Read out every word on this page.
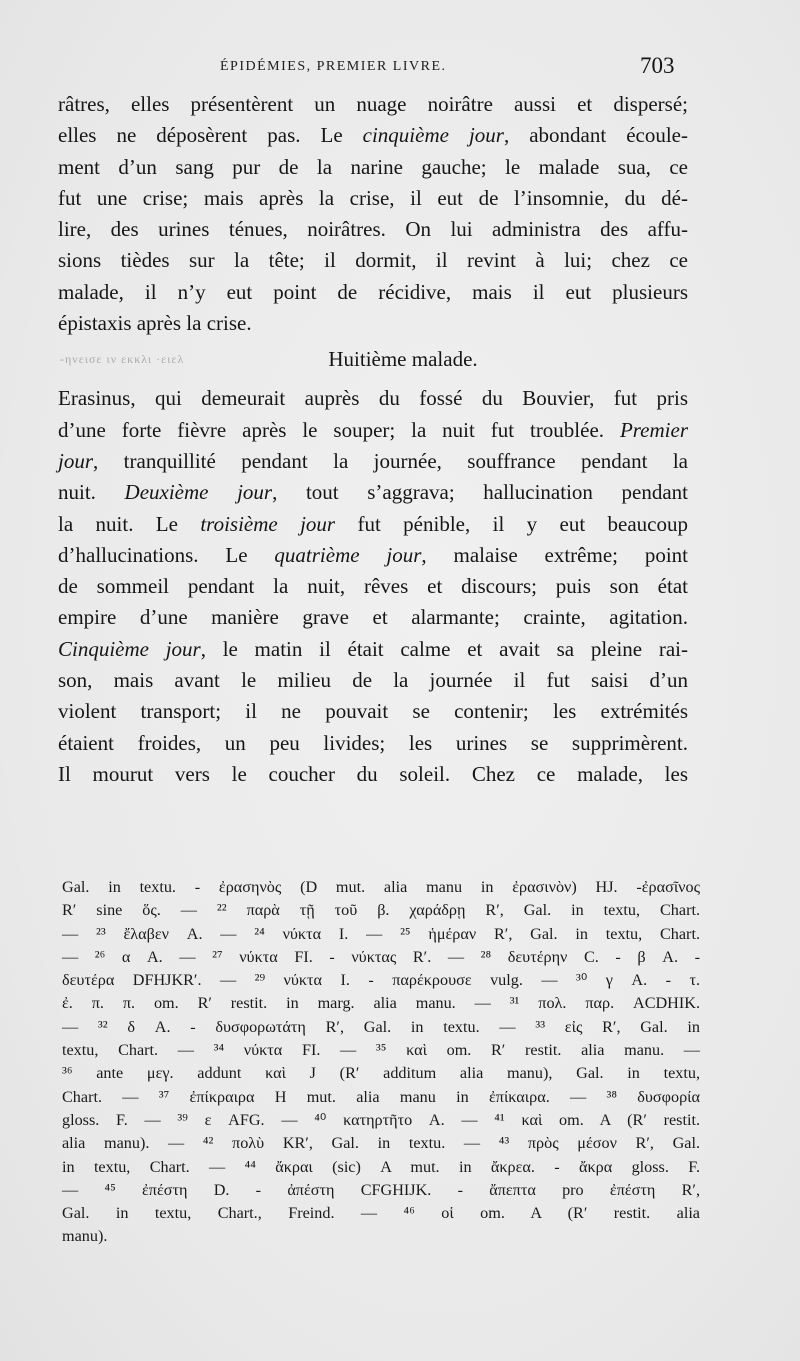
ÉPIDÉMIES, PREMIER LIVRE.	703
-ηνεισε ιν εκκλι ·ειελ
râtres, elles présentèrent un nuage noirâtre aussi et dispersé;
elles ne déposèrent pas. Le cinquième jour, abondant écoule-
ment d’un sang pur de la narine gauche; le malade sua, ce
fut une crise; mais après la crise, il eut de l’insomnie, du dé-
lire, des urines ténues, noirâtres. On lui administra des affu-
sions tièdes sur la tête; il dormit, il revint à lui; chez ce
malade, il n’y eut point de récidive, mais il eut plusieurs
épistaxis après la crise.
Huitième malade.
Erasinus, qui demeurait auprès du fossé du Bouvier, fut pris
d’une forte fièvre après le souper; la nuit fut troublée. Premier
jour, tranquillité pendant la journée, souffrance pendant la
nuit. Deuxième jour, tout s’aggrava; hallucination pendant
la nuit. Le troisième jour fut pénible, il y eut beaucoup
d’hallucinations. Le quatrième jour, malaise extrême; point
de sommeil pendant la nuit, rêves et discours; puis son état
empire d’une manière grave et alarmante; crainte, agitation.
Cinquième jour, le matin il était calme et avait sa pleine rai-
son, mais avant le milieu de la journée il fut saisi d’un
violent transport; il ne pouvait se contenir; les extrémités
étaient froides, un peu livides; les urines se supprimèrent.
Il mourut vers le coucher du soleil. Chez ce malade, les
Gal. in textu. - ἐρασηνὸς (D mut. alia manu in ἐρασινὸν) HJ. -ἐρασῖνος
R′ sine ὅς. — ²² παρὰ τῇ τοῦ β. χαράδρῃ R′, Gal. in textu, Chart.
— ²³ ἔλαβεν A. — ²⁴ νύκτα I. — ²⁵ ἡμέραν R′, Gal. in textu, Chart.
— ²⁶ α A. — ²⁷ νύκτα FI. - νύκτας R′. — ²⁸ δευτέρην C. - β A. -
δευτέρα DFHJKR′. — ²⁹ νύκτα I. - παρέκρουσε vulg. — ³⁰ γ A. - τ.
ἐ. π. π. om. R′ restit. in marg. alia manu. — ³¹ πολ. παρ. ACDHIK.
— ³² δ A. - δυσφορωτάτη R′, Gal. in textu. — ³³ εἰς R′, Gal. in
textu, Chart. — ³⁴ νύκτα FI. — ³⁵ καὶ om. R′ restit. alia manu. —
³⁶ ante μεγ. addunt καὶ J (R′ additum alia manu), Gal. in textu,
Chart. — ³⁷ ἐπίκραιρα H mut. alia manu in ἐπίκαιρα. — ³⁸ δυσφορία
gloss. F. — ³⁹ ε AFG. — ⁴⁰ κατηρτῆτο A. — ⁴¹ καὶ om. A (R′ restit.
alia manu). — ⁴² πολὺ KR′, Gal. in textu. — ⁴³ πρὸς μέσον R′, Gal.
in textu, Chart. — ⁴⁴ ἄκραι (sic) A mut. in ἄκρεα. - ἄκρα gloss. F.
— ⁴⁵ ἐπέστη D. - ἀπέστη CFGHIJK. - ἄπεπτα pro ἐπέστη R′,
Gal. in textu, Chart., Freind. — ⁴⁶ οἱ om. A (R′ restit. alia
manu).
